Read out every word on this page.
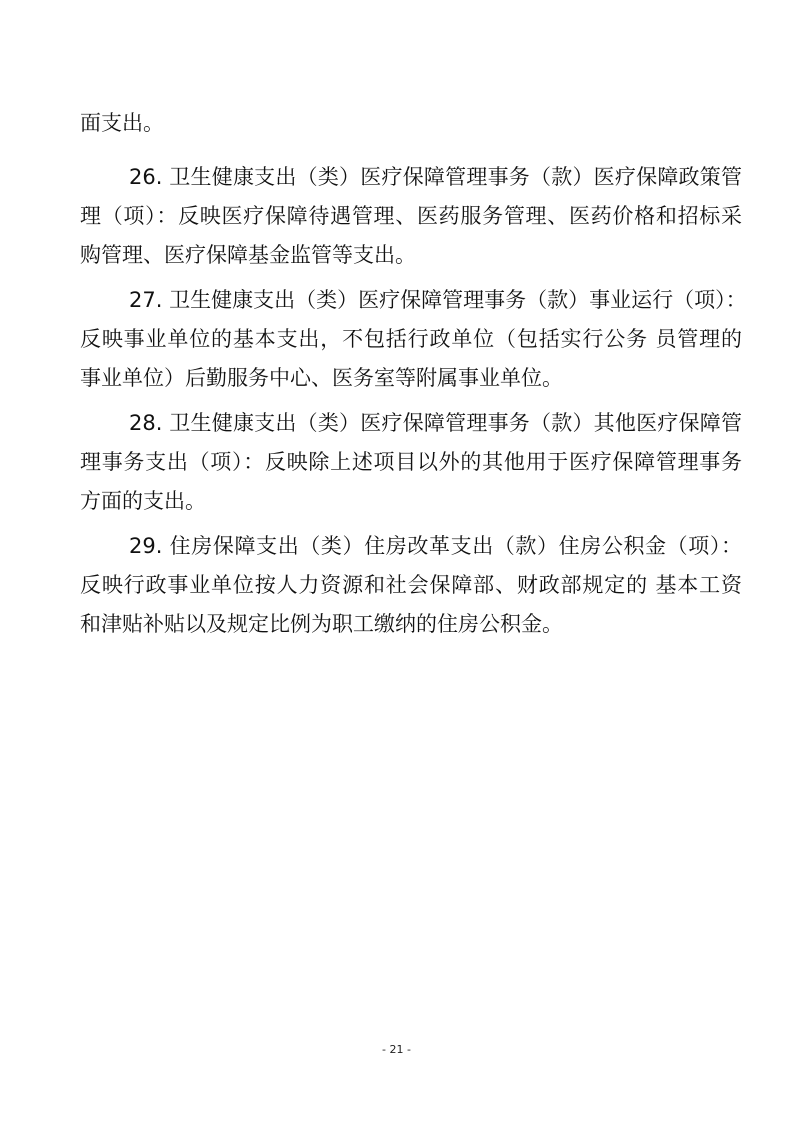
面支出。
26. 卫生健康支出（类）医疗保障管理事务（款）医疗保障政策管
理（项）：反映医疗保障待遇管理、医药服务管理、医药价格和招标采
购管理、医疗保障基金监管等支出。
27. 卫生健康支出（类）医疗保障管理事务（款）事业运行（项）：
反映事业单位的基本支出，不包括行政单位（包括实行公务 员管理的
事业单位）后勤服务中心、医务室等附属事业单位。
28. 卫生健康支出（类）医疗保障管理事务（款）其他医疗保障管
理事务支出（项）：反映除上述项目以外的其他用于医疗保障管理事务
方面的支出。
29. 住房保障支出（类）住房改革支出（款）住房公积金（项）：
反映行政事业单位按人力资源和社会保障部、财政部规定的 基本工资
和津贴补贴以及规定比例为职工缴纳的住房公积金。
- 21 -
